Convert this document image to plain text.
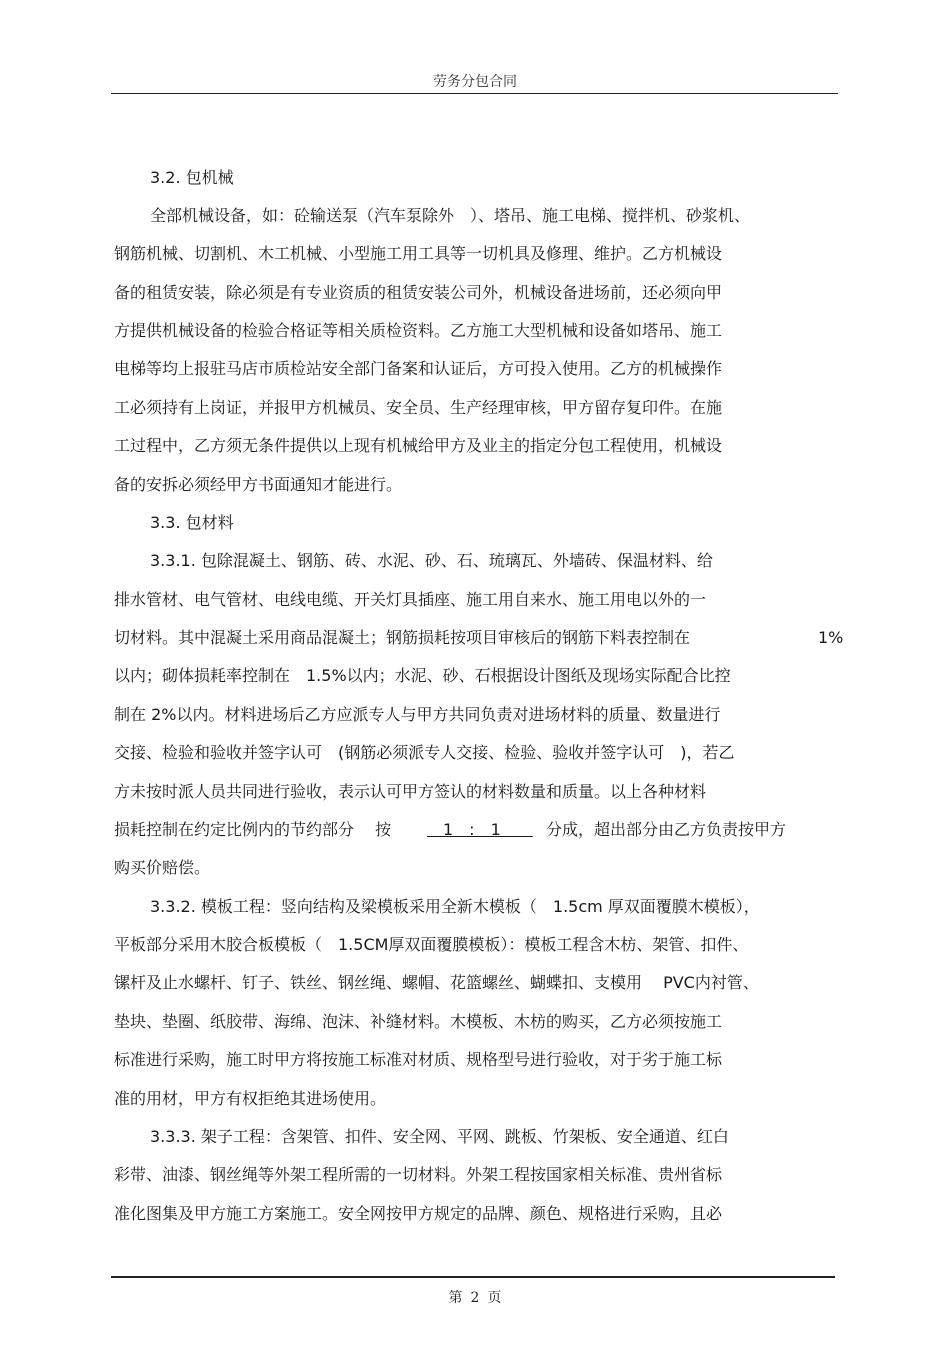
劳务分包合同
3.2. 包机械
全部机械设备，如：砼输送泵（汽车泵除外　）、塔吊、施工电梯、搅拌机、砂浆机、
钢筋机械、切割机、木工机械、小型施工用工具等一切机具及修理、维护。乙方机械设
备的租赁安装，除必须是有专业资质的租赁安装公司外，机械设备进场前，还必须向甲
方提供机械设备的检验合格证等相关质检资料。乙方施工大型机械和设备如塔吊、施工
电梯等均上报驻马店市质检站安全部门备案和认证后，方可投入使用。乙方的机械操作
工必须持有上岗证，并报甲方机械员、安全员、生产经理审核，甲方留存复印件。在施
工过程中，乙方须无条件提供以上现有机械给甲方及业主的指定分包工程使用，机械设
备的安拆必须经甲方书面通知才能进行。
3.3. 包材料
3.3.1. 包除混凝土、钢筋、砖、水泥、砂、石、琉璃瓦、外墙砖、保温材料、给
排水管材、电气管材、电线电缆、开关灯具插座、施工用自来水、施工用电以外的一
切材料。其中混凝土采用商品混凝土；钢筋损耗按项目审核后的钢筋下料表控制在	1%
以内；砌体损耗率控制在　1.5%以内；水泥、砂、石根据设计图纸及现场实际配合比控
制在 2%以内。材料进场后乙方应派专人与甲方共同负责对进场材料的质量、数量进行
交接、检验和验收并签字认可　(钢筋必须派专人交接、检验、验收并签字认可　)，若乙
方未按时派人员共同进行验收，表示认可甲方签认的材料数量和质量。以上各种材料
损耗控制在约定比例内的节约部分　 按 　1　:　1　　 分成，超出部分由乙方负责按甲方
购买价赔偿。
3.3.2. 模板工程：竖向结构及梁模板采用全新木模板（　1.5cm 厚双面覆膜木模板），
平板部分采用木胶合板模板（　1.5CM厚双面覆膜模板）：模板工程含木枋、架管、扣件、
镙杆及止水螺杆、钉子、铁丝、钢丝绳、螺帽、花篮螺丝、蝴蝶扣、支模用　 PVC内衬管、
垫块、垫圈、纸胶带、海绵、泡沫、补缝材料。木模板、木枋的购买，乙方必须按施工
标准进行采购，施工时甲方将按施工标准对材质、规格型号进行验收，对于劣于施工标
准的用材，甲方有权拒绝其进场使用。
3.3.3. 架子工程：含架管、扣件、安全网、平网、跳板、竹架板、安全通道、红白
彩带、油漆、钢丝绳等外架工程所需的一切材料。外架工程按国家相关标准、贵州省标
准化图集及甲方施工方案施工。安全网按甲方规定的品牌、颜色、规格进行采购，且必
第 2 页
